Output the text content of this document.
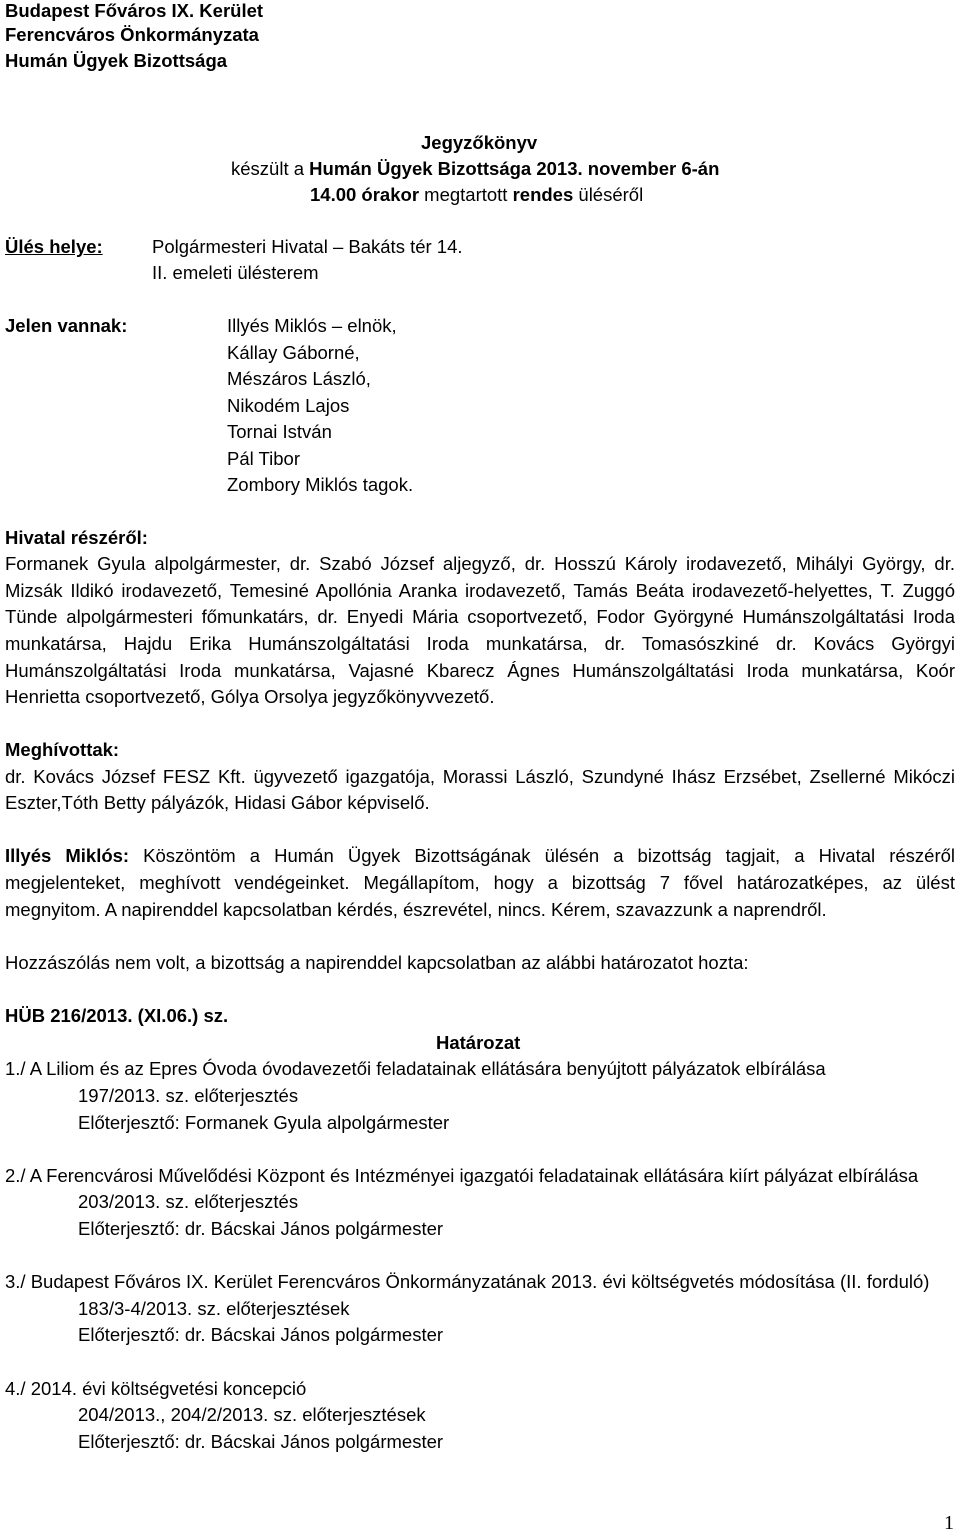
Budapest Főváros IX. Kerület
Ferencváros Önkormányzata
Humán Ügyek Bizottsága
Jegyzőkönyv
készült a Humán Ügyek Bizottsága 2013. november 6-án
14.00 órakor megtartott rendes üléséről
Ülés helye:	Polgármesteri Hivatal – Bakáts tér 14.
II. emeleti ülésterem
Jelen vannak:	Illyés Miklós – elnök,
Kállay Gáborné,
Mészáros László,
Nikodém Lajos
Tornai István
Pál Tibor
Zombory Miklós tagok.
Hivatal részéről:
Formanek Gyula alpolgármester, dr. Szabó József aljegyző, dr. Hosszú Károly irodavezető, Mihályi György, dr.
Mizsák Ildikó irodavezető, Temesiné Apollónia Aranka irodavezető, Tamás Beáta irodavezető-helyettes, T. Zuggó
Tünde alpolgármesteri főmunkatárs, dr. Enyedi Mária csoportvezető, Fodor Györgyné Humánszolgáltatási Iroda
munkatársa, Hajdu Erika Humánszolgáltatási Iroda munkatársa, dr. Tomasószkiné dr. Kovács Györgyi
Humánszolgáltatási Iroda munkatársa, Vajasné Kbarecz Ágnes Humánszolgáltatási Iroda munkatársa, Koór
Henrietta csoportvezető, Gólya Orsolya jegyzőkönyvvezető.
Meghívottak:
dr. Kovács József FESZ Kft. ügyvezető igazgatója, Morassi László, Szundyné Ihász Erzsébet, Zsellerné Mikóczi
Eszter,Tóth Betty pályázók, Hidasi Gábor képviselő.
Illyés Miklós: Köszöntöm a Humán Ügyek Bizottságának ülésén a bizottság tagjait, a Hivatal részéről
megjelenteket, meghívott vendégeinket. Megállapítom, hogy a bizottság 7 fővel határozatképes, az ülést
megnyitom. A napirenddel kapcsolatban kérdés, észrevétel, nincs. Kérem, szavazzunk a naprendről.
Hozzászólás nem volt, a bizottság a napirenddel kapcsolatban az alábbi határozatot hozta:
HÜB 216/2013. (XI.06.) sz.
Határozat
1./ A Liliom és az Epres Óvoda óvodavezetői feladatainak ellátására benyújtott pályázatok elbírálása
197/2013. sz. előterjesztés
Előterjesztő: Formanek Gyula alpolgármester
2./ A Ferencvárosi Művelődési Központ és Intézményei igazgatói feladatainak ellátására kiírt pályázat elbírálása
203/2013. sz. előterjesztés
Előterjesztő: dr. Bácskai János polgármester
3./ Budapest Főváros IX. Kerület Ferencváros Önkormányzatának 2013. évi költségvetés módosítása (II. forduló)
183/3-4/2013. sz. előterjesztések
Előterjesztő: dr. Bácskai János polgármester
4./ 2014. évi költségvetési koncepció
204/2013., 204/2/2013. sz. előterjesztések
Előterjesztő: dr. Bácskai János polgármester
1
